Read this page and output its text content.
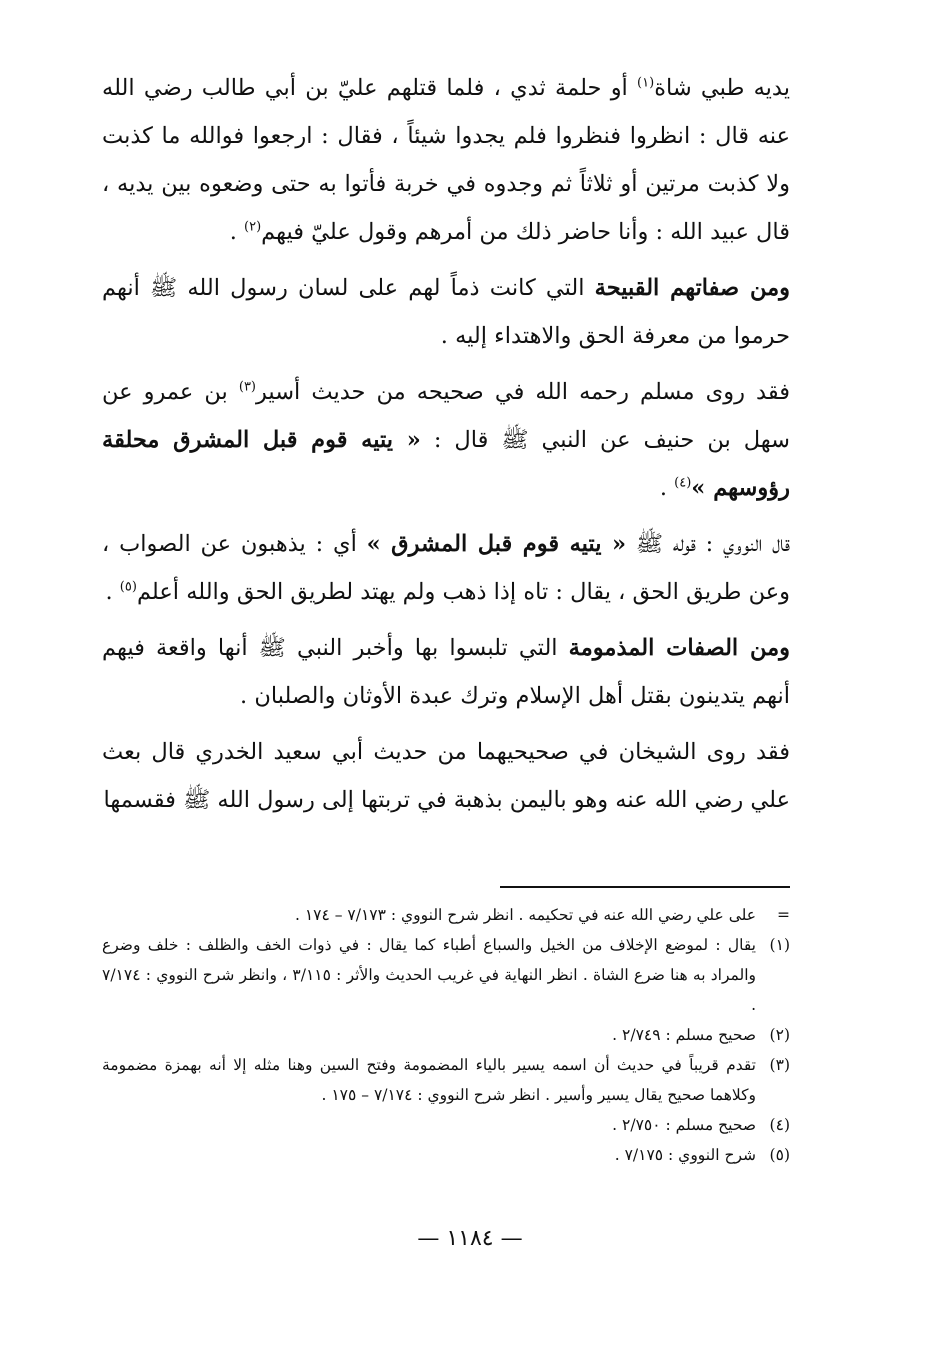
يديه طبي شاة$^{(١)}$ أو حلمة ثدي ، فلما قتلهم عليّ بن أبي طالب رضي الله عنه قال : انظروا فنظروا فلم يجدوا شيئاً ، فقال : ارجعوا فوالله ما كذبت ولا كذبت مرتين أو ثلاثاً ثم وجدوه في خربة فأتوا به حتى وضعوه بين يديه ، قال عبيد الله : وأنا حاضر ذلك من أمرهم وقول عليّ فيهم$^{(٢)}$ .

ومن صفاتهم القبيحة التي كانت ذماً لهم على لسان رسول الله ﷺ أنهم حرموا من معرفة الحق والاهتداء إليه .

فقد روى مسلم رحمه الله في صحيحه من حديث أسير$^{(٣)}$ بن عمرو عن سهل بن حنيف عن النبي ﷺ قال : « يتيه قوم قبل المشرق محلقة رؤوسهم »$^{(٤)}$ .

قال النووي : قوله ﷺ « يتيه قوم قبل المشرق » أي : يذهبون عن الصواب ، وعن طريق الحق ، يقال : تاه إذا ذهب ولم يهتد لطريق الحق والله أعلم$^{(٥)}$ .

ومن الصفات المذمومة التي تلبسوا بها وأخبر النبي ﷺ أنها واقعة فيهم أنهم يتدينون بقتل أهل الإسلام وترك عبدة الأوثان والصلبان .

فقد روى الشيخان في صحيحيهما من حديث أبي سعيد الخدري قال بعث علي رضي الله عنه وهو باليمن بذهبة في تربتها إلى رسول الله ﷺ فقسمها

=
على علي رضي الله عنه في تحكيمه . انظر شرح النووي : ٧/١٧٣ – ١٧٤ .
(١)
يقال : لموضع الإخلاف من الخيل والسباع أطباء كما يقال : في ذوات الخف والظلف : خلف وضرع والمراد به هنا ضرع الشاة . انظر النهاية في غريب الحديث والأثر : ٣/١١٥ ، وانظر شرح النووي : ٧/١٧٤ .
(٢)
صحيح مسلم : ٢/٧٤٩ .
(٣)
تقدم قريباً في حديث أن اسمه يسير بالياء المضمومة وفتح السين وهنا مثله إلا أنه بهمزة مضمومة وكلاهما صحيح يقال يسير وأسير . انظر شرح النووي : ٧/١٧٤ – ١٧٥ .
(٤)
صحيح مسلم : ٢/٧٥٠ .
(٥)
شرح النووي : ٧/١٧٥ .
— ١١٨٤ —
